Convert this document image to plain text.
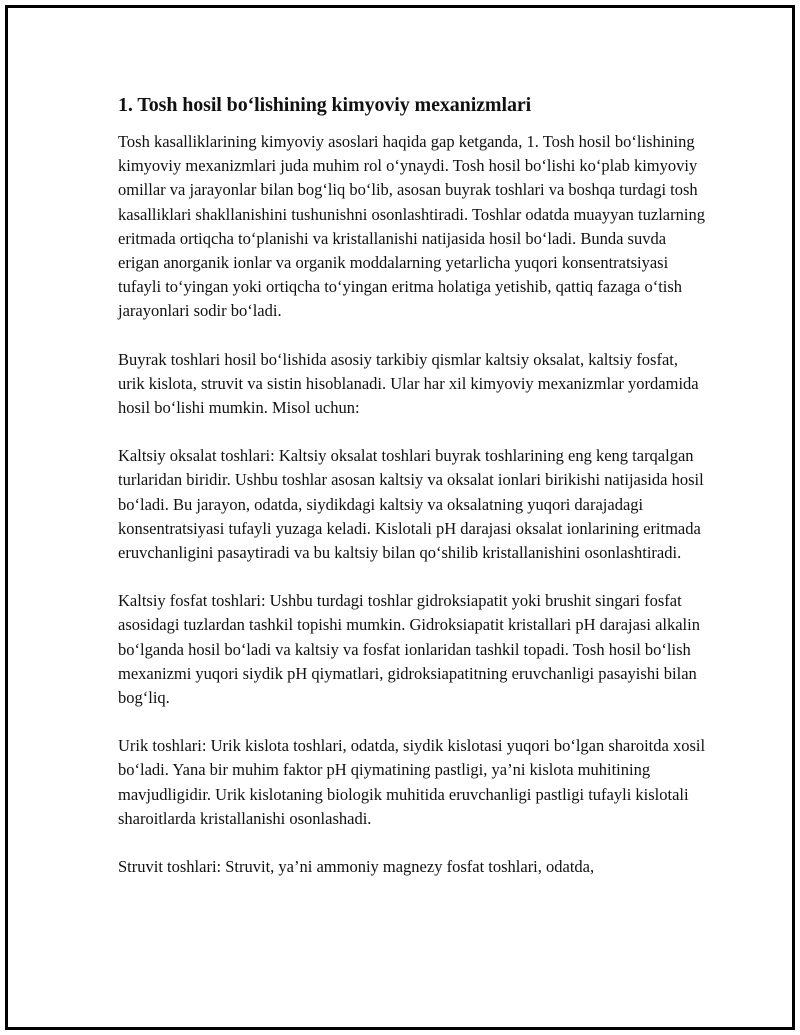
1. Tosh hosil bo‘lishining kimyoviy mexanizmlari

Tosh kasalliklarining kimyoviy asoslari haqida gap ketganda, 1. Tosh hosil bo‘lishining kimyoviy mexanizmlari juda muhim rol o‘ynaydi. Tosh hosil bo‘lishi ko‘plab kimyoviy omillar va jarayonlar bilan bog‘liq bo‘lib, asosan buyrak toshlari va boshqa turdagi tosh kasalliklari shakllanishini tushunishni osonlashtiradi. Toshlar odatda muayyan tuzlarning eritmada ortiqcha to‘planishi va kristallanishi natijasida hosil bo‘ladi. Bunda suvda erigan anorganik ionlar va organik moddalarning yetarlicha yuqori konsentratsiyasi tufayli to‘yingan yoki ortiqcha to‘yingan eritma holatiga yetishib, qattiq fazaga o‘tish jarayonlari sodir bo‘ladi.

Buyrak toshlari hosil bo‘lishida asosiy tarkibiy qismlar kaltsiy oksalat, kaltsiy fosfat, urik kislota, struvit va sistin hisoblanadi. Ular har xil kimyoviy mexanizmlar yordamida hosil bo‘lishi mumkin. Misol uchun:

Kaltsiy oksalat toshlari: Kaltsiy oksalat toshlari buyrak toshlarining eng keng tarqalgan turlaridan biridir. Ushbu toshlar asosan kaltsiy va oksalat ionlari birikishi natijasida hosil bo‘ladi. Bu jarayon, odatda, siydikdagi kaltsiy va oksalatning yuqori darajadagi konsentratsiyasi tufayli yuzaga keladi. Kislotali pH darajasi oksalat ionlarining eritmada eruvchanligini pasaytiradi va bu kaltsiy bilan qo‘shilib kristallanishini osonlashtiradi.

Kaltsiy fosfat toshlari: Ushbu turdagi toshlar gidroksiapatit yoki brushit singari fosfat asosidagi tuzlardan tashkil topishi mumkin. Gidroksiapatit kristallari pH darajasi alkalin bo‘lganda hosil bo‘ladi va kaltsiy va fosfat ionlaridan tashkil topadi. Tosh hosil bo‘lish mexanizmi yuqori siydik pH qiymatlari, gidroksiapatitning eruvchanligi pasayishi bilan bog‘liq.

Urik toshlari: Urik kislota toshlari, odatda, siydik kislotasi yuqori bo‘lgan sharoitda xosil bo‘ladi. Yana bir muhim faktor pH qiymatining pastligi, ya’ni kislota muhitining mavjudligidir. Urik kislotaning biologik muhitida eruvchanligi pastligi tufayli kislotali sharoitlarda kristallanishi osonlashadi.

Struvit toshlari: Struvit, ya’ni ammoniy magnezy fosfat toshlari, odatda,
